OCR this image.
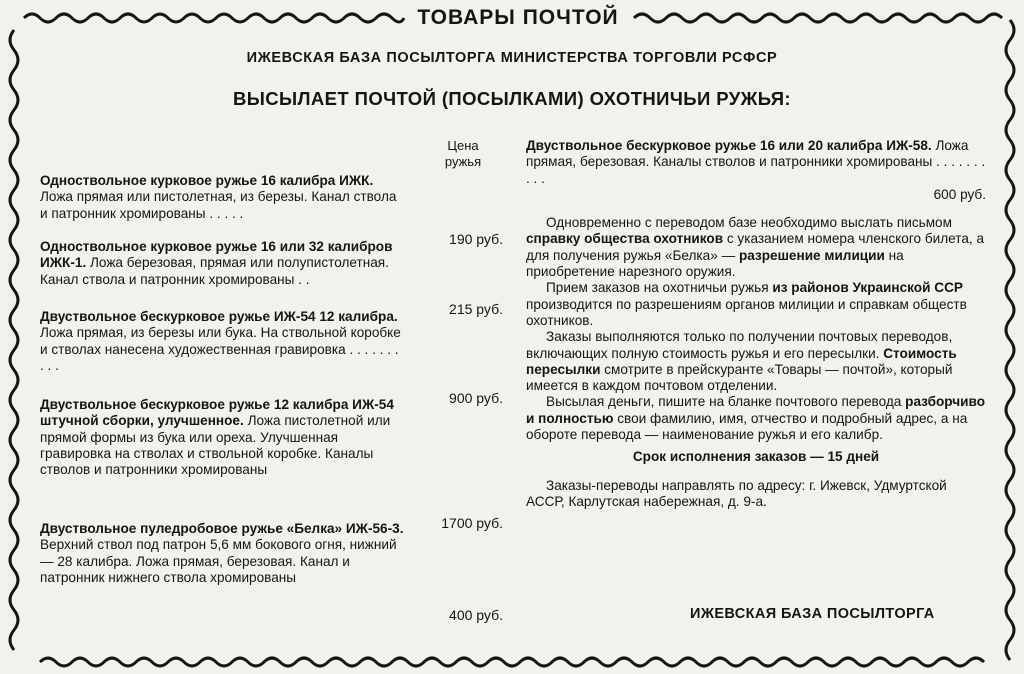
ТОВАРЫ ПОЧТОЙ
ИЖЕВСКАЯ БАЗА ПОСЫЛТОРГА МИНИСТЕРСТВА ТОРГОВЛИ РСФСР
ВЫСЫЛАЕТ ПОЧТОЙ (ПОСЫЛКАМИ) ОХОТНИЧЬИ РУЖЬЯ:
Цена
ружья

Одноствольное курковое ружье 16 калибра ИЖК. Ложа прямая или пистолетная, из березы. Канал ствола и патронник хромированы . . . . .

Одноствольное курковое ружье 16 или 32 калибров ИЖК-1. Ложа березовая, прямая или полупистолетная. Канал ствола и патронник хромированы . .

Двуствольное бескурковое ружье ИЖ-54 12 калибра. Ложа прямая, из березы или бука. На ствольной коробке и стволах нанесена художественная гравировка . . . . . . . . . .

Двуствольное бескурковое ружье 12 калибра ИЖ-54 штучной сборки, улучшенное. Ложа пистолетной или прямой формы из бука или ореха. Улучшенная гравировка на стволах и ствольной коробке. Каналы стволов и патронники хромированы

Двуствольное пуледробовое ружье «Белка» ИЖ-56-3. Верхний ствол под патрон 5,6 мм бокового огня, нижний — 28 калибра. Ложа прямая, березовая. Канал и патронник нижнего ствола хромированы

190 руб.
215 руб.
900 руб.
1700 руб.
400 руб.

Двуствольное бескурковое ружье 16 или 20 калибра ИЖ-58. Ложа прямая, березовая. Каналы стволов и патронники хромированы . . . . . . . . . .

600 руб.

Одновременно с переводом базе необходимо выслать письмом справку общества охотников с указанием номера членского билета, а для получения ружья «Белка» — разрешение милиции на приобретение нарезного оружия.

Прием заказов на охотничьи ружья из районов Украинской ССР производится по разрешениям органов милиции и справкам обществ охотников.

Заказы выполняются только по получении почтовых переводов, включающих полную стоимость ружья и его пересылки. Стоимость пересылки смотрите в прейскуранте «Товары — почтой», который имеется в каждом почтовом отделении.

Высылая деньги, пишите на бланке почтового перевода разборчиво и полностью свои фамилию, имя, отчество и подробный адрес, а на обороте перевода — наименование ружья и его калибр.

Срок исполнения заказов — 15 дней

Заказы-переводы направлять по адресу: г. Ижевск, Удмуртской АССР, Карлутская набережная, д. 9-а.

ИЖЕВСКАЯ БАЗА ПОСЫЛТОРГА
